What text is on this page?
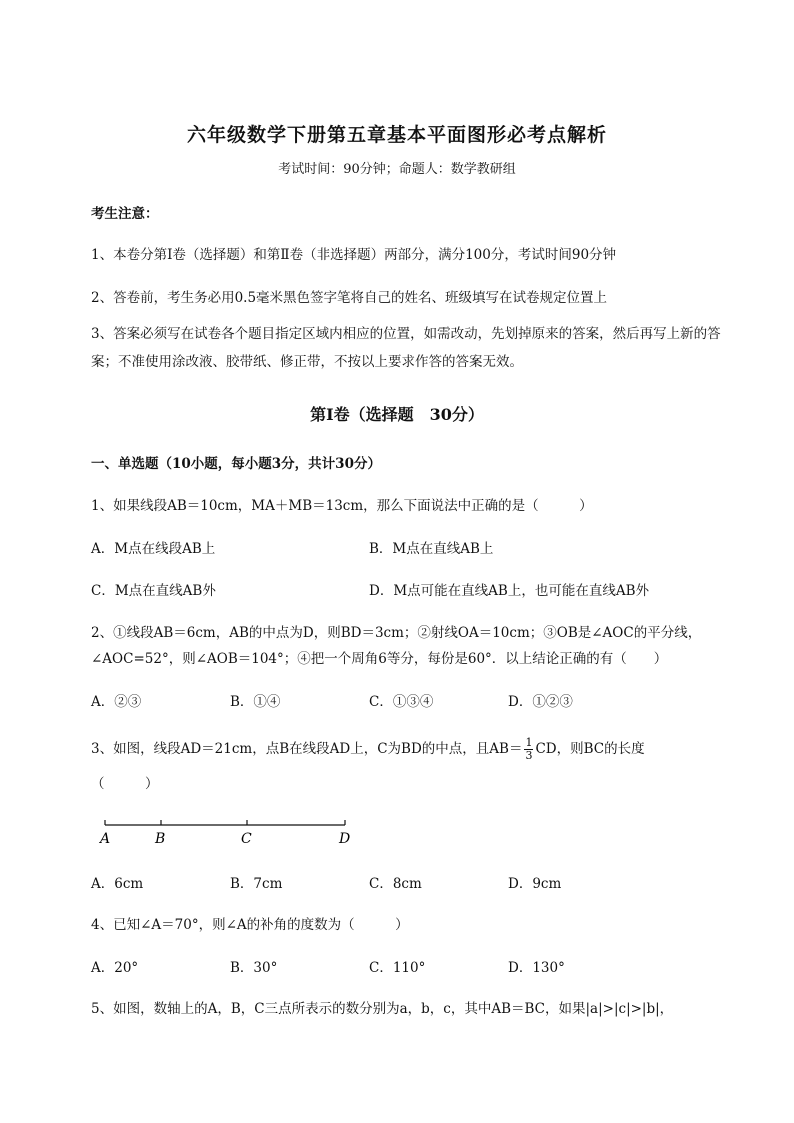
六年级数学下册第五章基本平面图形必考点解析
考试时间：90分钟；命题人：数学教研组
考生注意：
1、本卷分第Ⅰ卷（选择题）和第Ⅱ卷（非选择题）两部分，满分100分，考试时间90分钟
2、答卷前，考生务必用0.5毫米黑色签字笔将自己的姓名、班级填写在试卷规定位置上
3、答案必须写在试卷各个题目指定区域内相应的位置，如需改动，先划掉原来的答案，然后再写上新的答案；不准使用涂改液、胶带纸、修正带，不按以上要求作答的答案无效。
第Ⅰ卷（选择题　30分）
一、单选题（10小题，每小题3分，共计30分）
1、如果线段AB＝10cm，MA＋MB＝13cm，那么下面说法中正确的是（　　　）
A．M点在线段AB上	B．M点在直线AB上
C．M点在直线AB外	D．M点可能在直线AB上，也可能在直线AB外
2、①线段AB＝6cm，AB的中点为D，则BD＝3cm；②射线OA＝10cm；③OB是∠AOC的平分线，
∠AOC=52°，则∠AOB＝104°；④把一个周角6等分，每份是60°．以上结论正确的有（　　）
A．②③	B．①④	C．①③④	D．①②③
3、如图，线段AD＝21cm，点B在线段AD上，C为BD的中点，且$AB= \frac{1}{3}$ CD，则BC的长度
（　　　）
A	B	C	D
A．6cm	B．7cm	C．8cm	D．9cm
4、已知∠A＝70°，则∠A的补角的度数为（　　　）
A．20°	B．30°	C．110°	D．130°
5、如图，数轴上的A，B，C三点所表示的数分别为a，b，c，其中AB＝BC，如果|a|>|c|>|b|，
